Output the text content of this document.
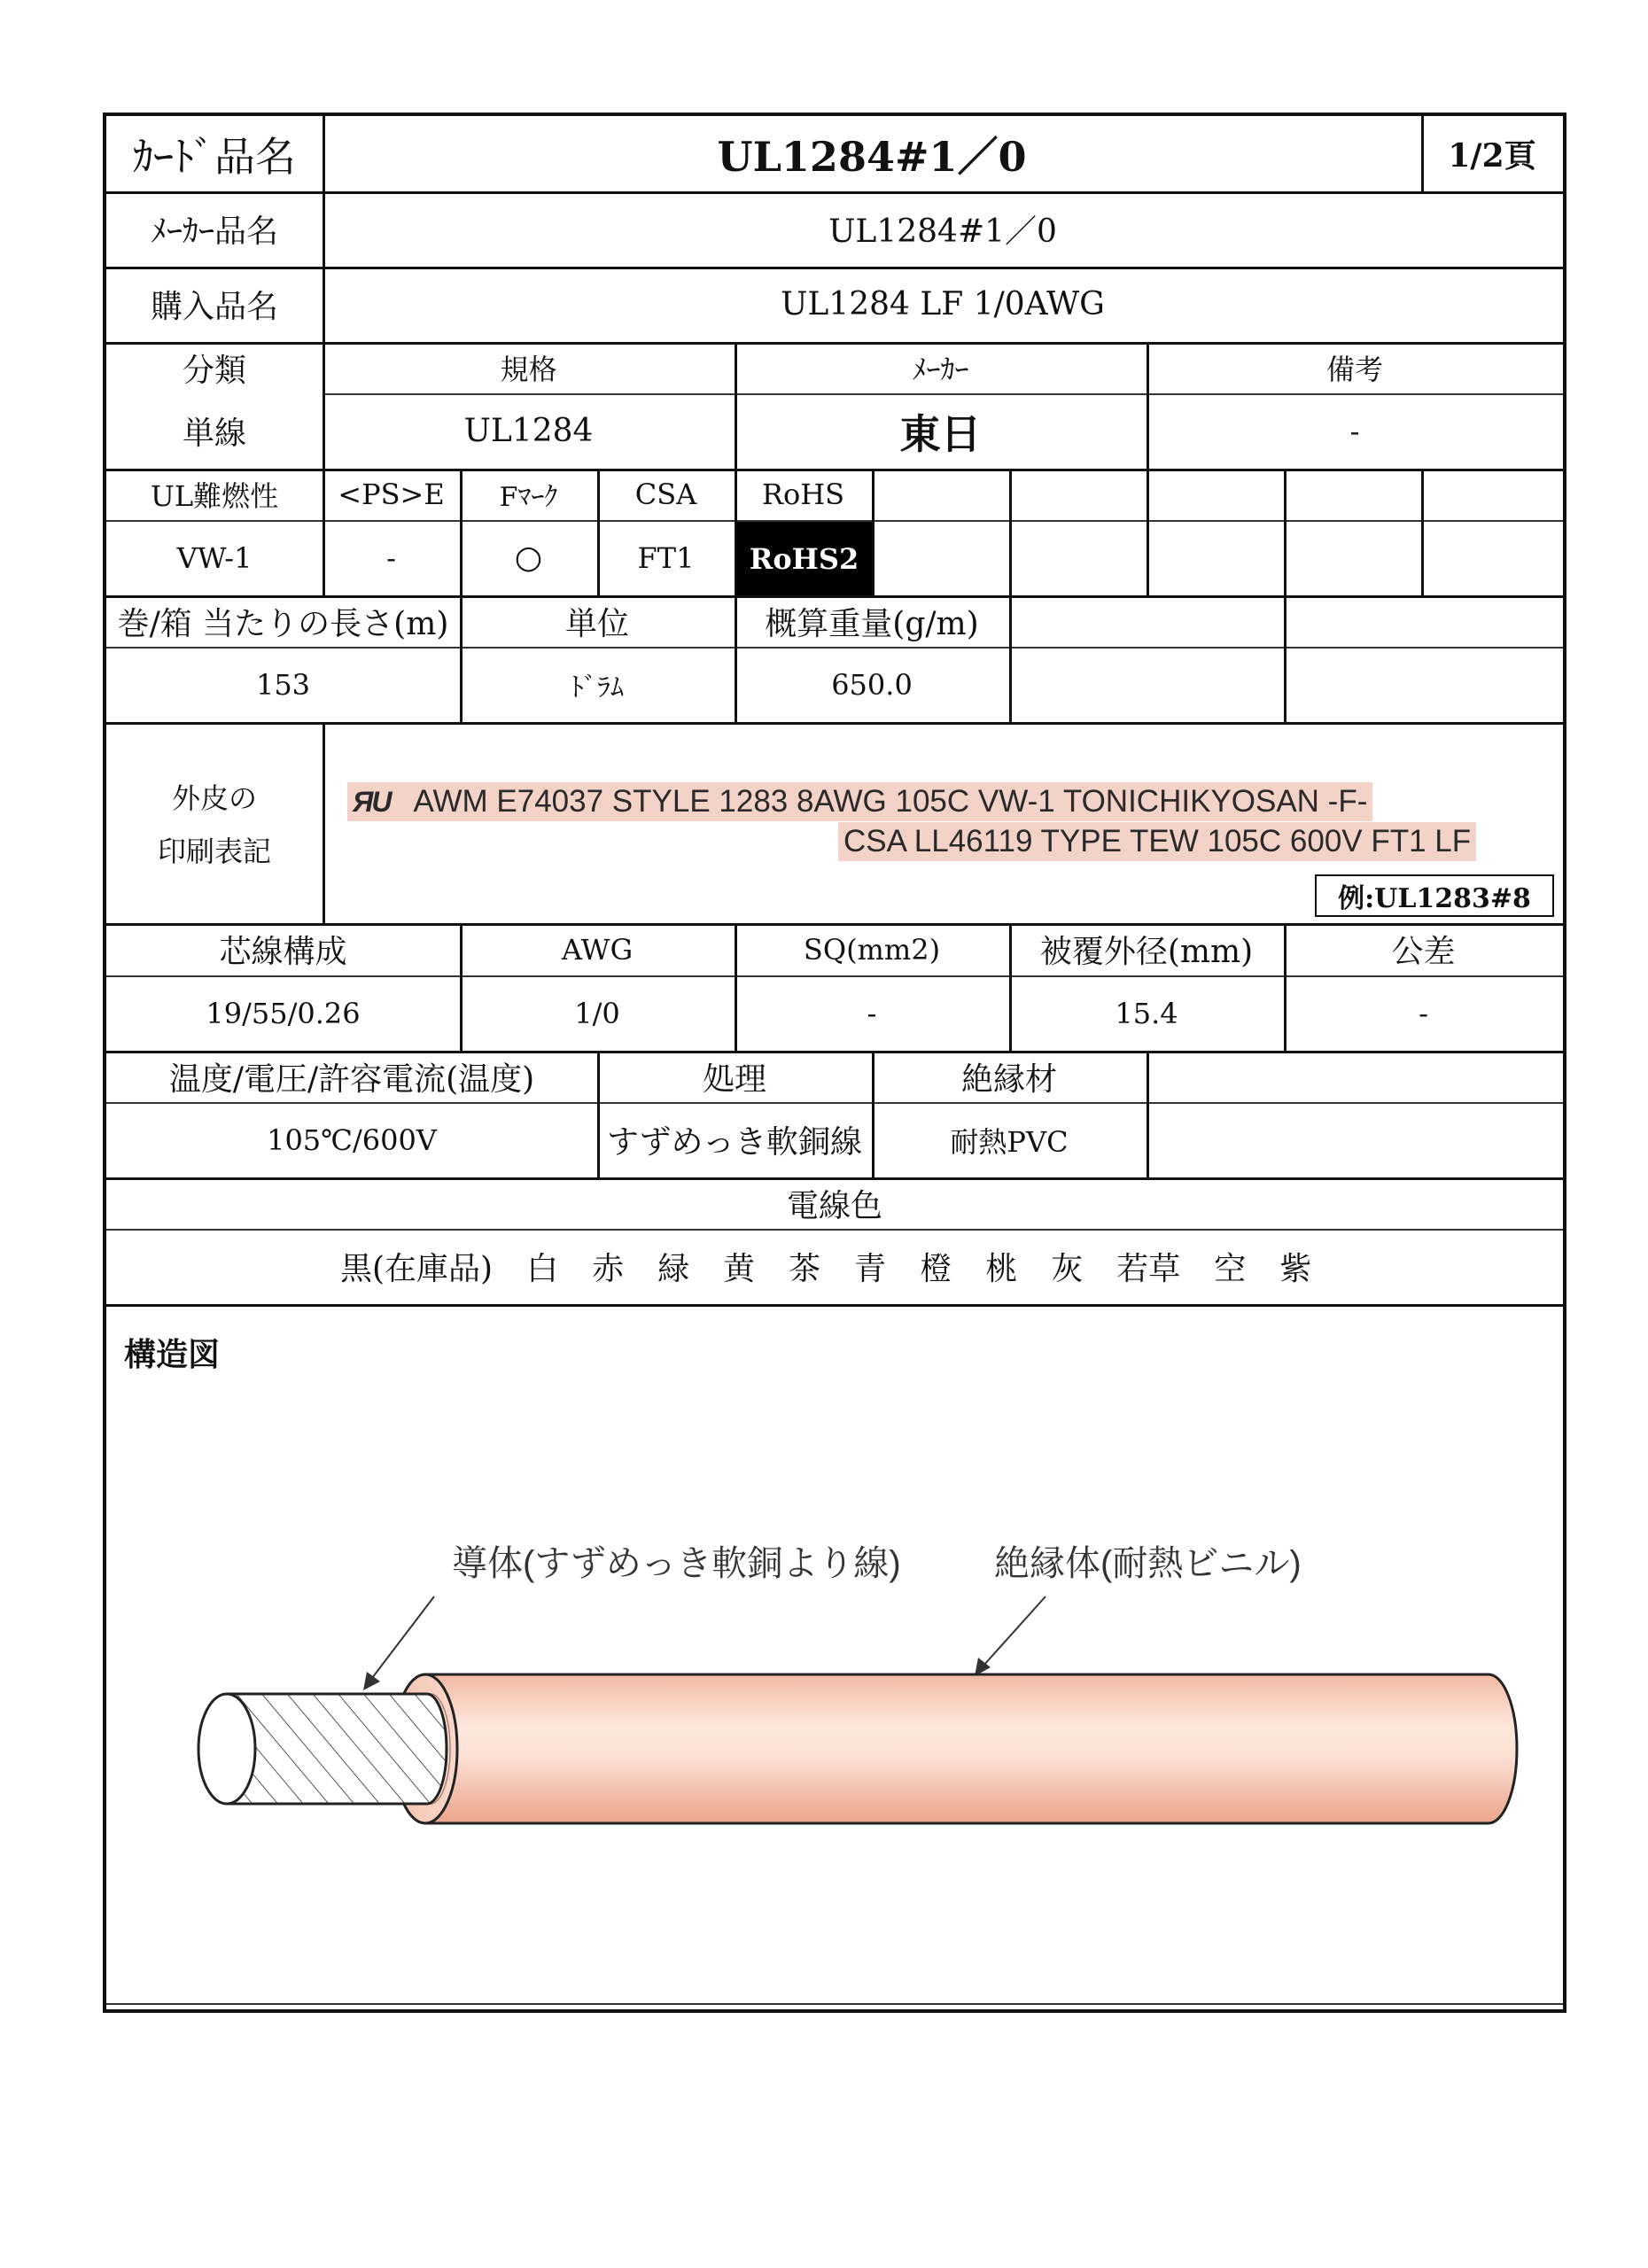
ｶｰﾄﾞ品名	UL1284#1／0	1/2頁
ﾒｰｶｰ品名	UL1284#1／0
購入品名	UL1284 LF 1/0AWG
分類	規格	ﾒｰｶｰ	備考
単線	UL1284	東日	-
UL難燃性	<PS>E	Fﾏｰｸ	CSA	RoHS
VW-1	-	○	FT1	RoHS2
巻/箱 当たりの長さ(m)	単位	概算重量(g/m)
153	ﾄﾞﾗﾑ	650.0
外皮の
印刷表記
ЯU AWM E74037 STYLE 1283 8AWG 105C VW-1 TONICHIKYOSAN -F-
CSA LL46119 TYPE TEW 105C 600V FT1 LF
例:UL1283#8
芯線構成	AWG	SQ(mm2)	被覆外径(mm)	公差
19/55/0.26	1/0	-	15.4	-
温度/電圧/許容電流(温度)	処理	絶縁材
105℃/600V	すずめっき軟銅線	耐熱PVC
電線色
黒(在庫品) 白 赤 緑 黄 茶 青 橙 桃 灰 若草 空 紫
構造図
導体(すずめっき軟銅より線)	絶縁体(耐熱ビニル)
